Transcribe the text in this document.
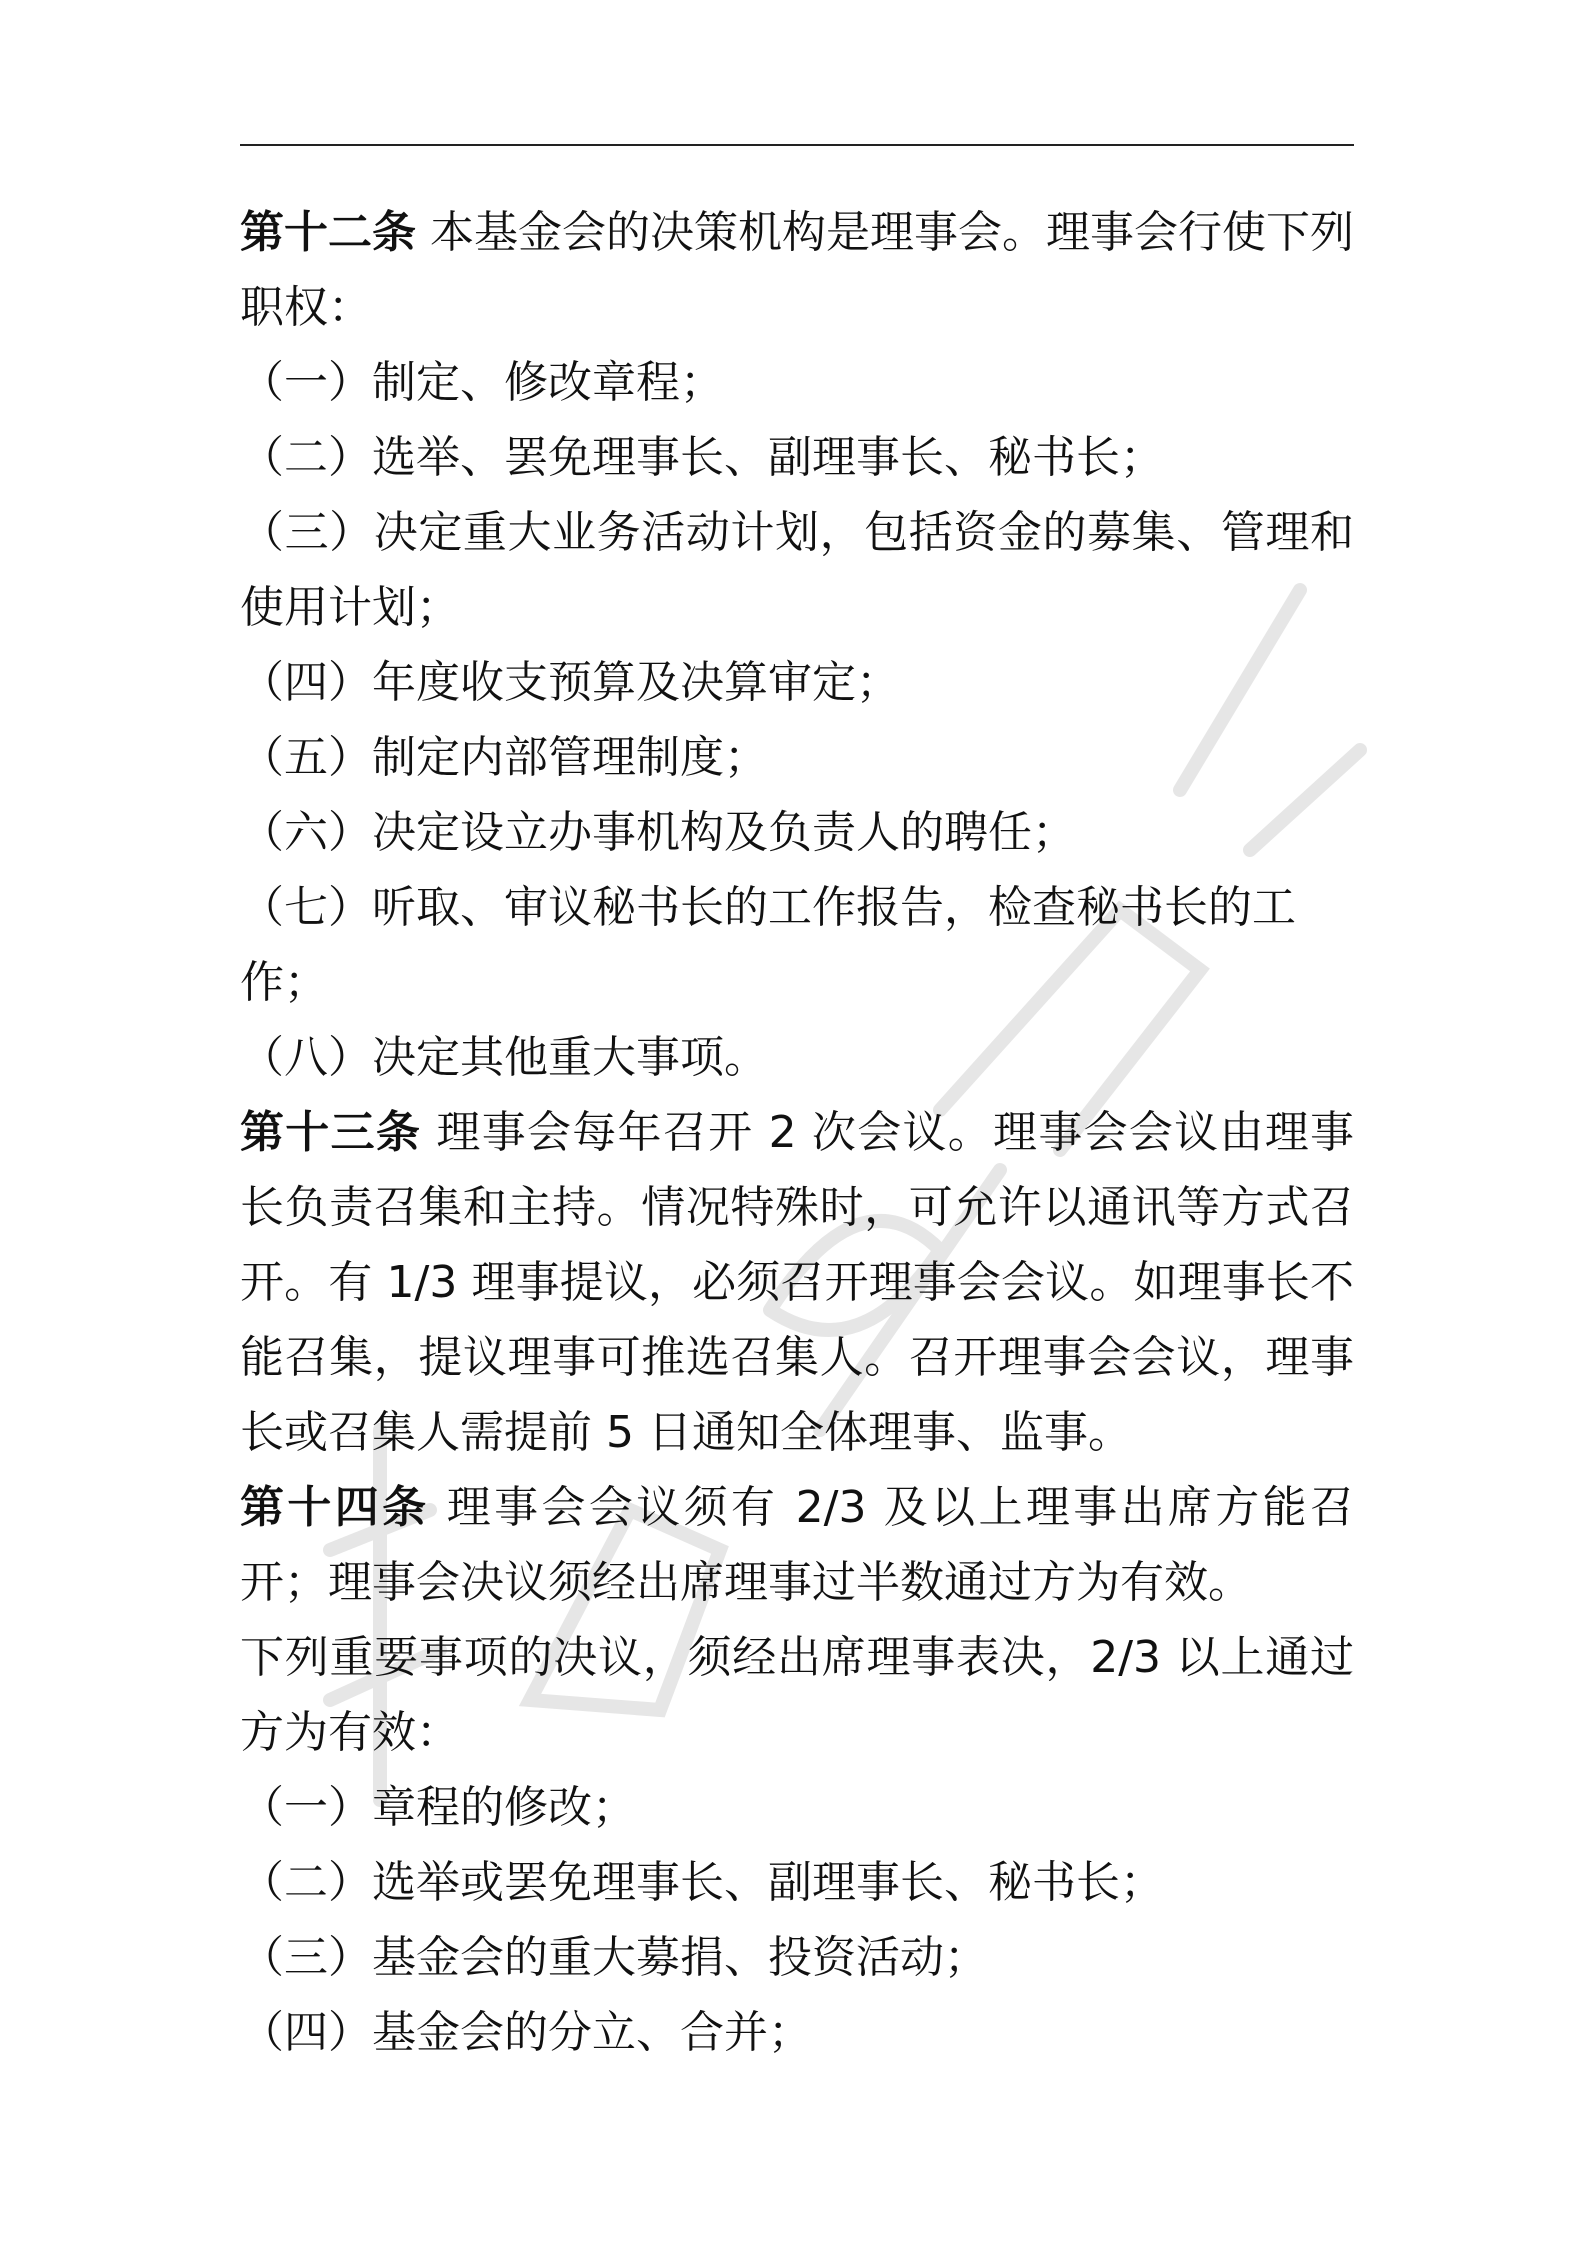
第十二条 本基金会的决策机构是理事会。理事会行使下列职权：

（一）制定、修改章程；

（二）选举、罢免理事长、副理事长、秘书长；

（三）决定重大业务活动计划，包括资金的募集、管理和使用计划；

（四）年度收支预算及决算审定；

（五）制定内部管理制度；

（六）决定设立办事机构及负责人的聘任；

（七）听取、审议秘书长的工作报告，检查秘书长的工作；

（八）决定其他重大事项。

第十三条 理事会每年召开 2 次会议。理事会会议由理事长负责召集和主持。情况特殊时，可允许以通讯等方式召开。有 1/3 理事提议，必须召开理事会会议。如理事长不能召集，提议理事可推选召集人。召开理事会会议，理事长或召集人需提前 5 日通知全体理事、监事。

第十四条 理事会会议须有 2/3 及以上理事出席方能召开；理事会决议须经出席理事过半数通过方为有效。

下列重要事项的决议，须经出席理事表决，2/3 以上通过方为有效：

（一）章程的修改；

（二）选举或罢免理事长、副理事长、秘书长；

（三）基金会的重大募捐、投资活动；

（四）基金会的分立、合并；
